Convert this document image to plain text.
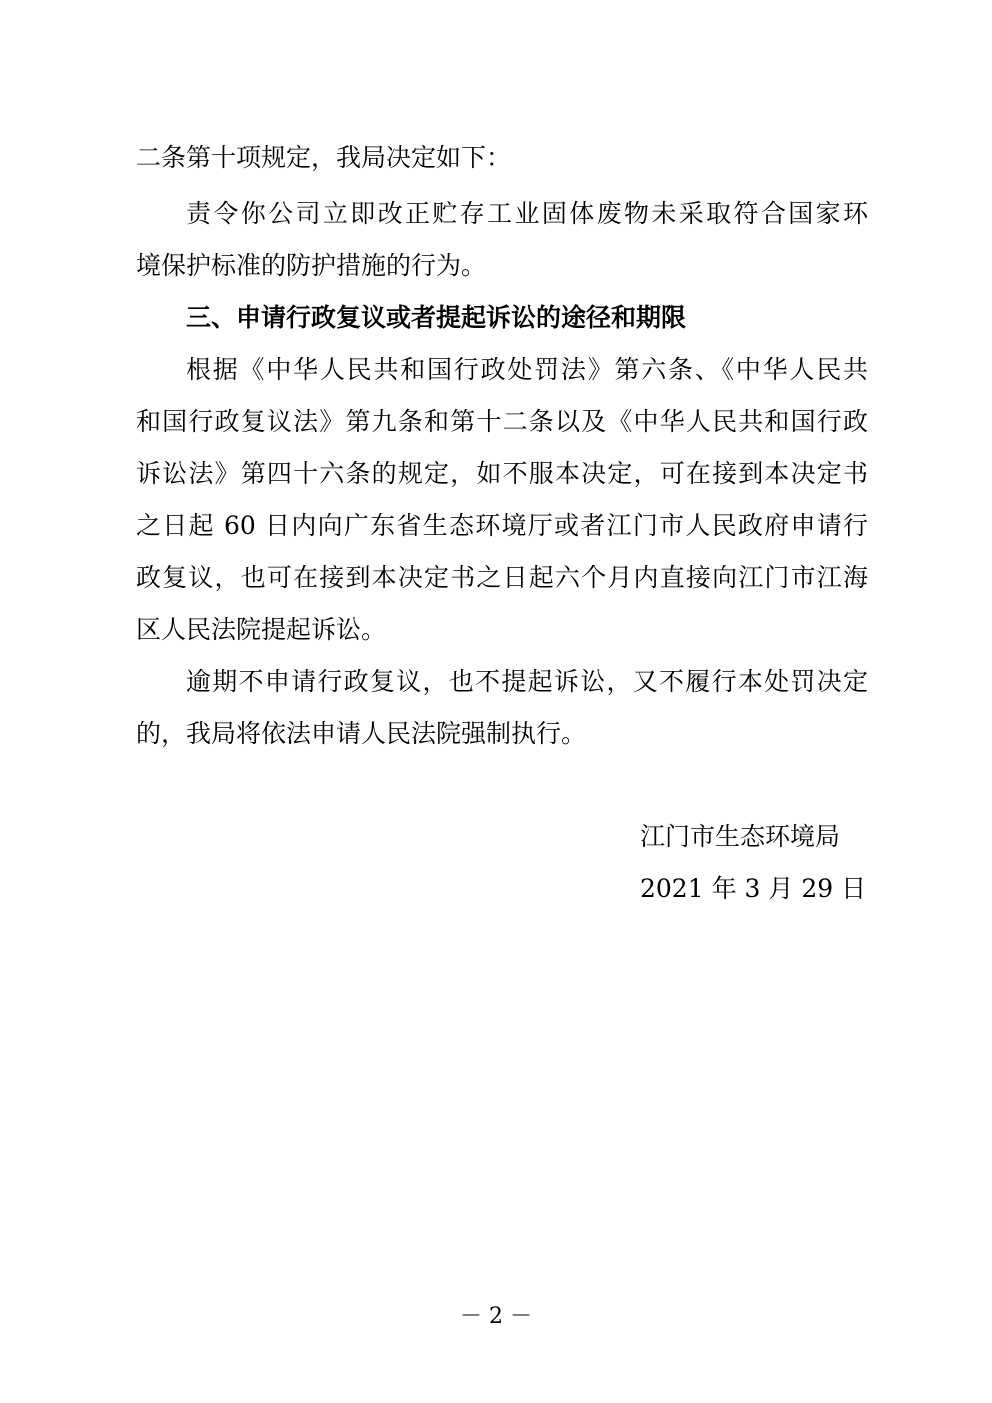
二条第十项规定，我局决定如下：
责令你公司立即改正贮存工业固体废物未采取符合国家环
境保护标准的防护措施的行为。
三、申请行政复议或者提起诉讼的途径和期限
根据《中华人民共和国行政处罚法》第六条、《中华人民共
和国行政复议法》第九条和第十二条以及《中华人民共和国行政
诉讼法》第四十六条的规定，如不服本决定，可在接到本决定书
之日起 60 日内向广东省生态环境厅或者江门市人民政府申请行
政复议，也可在接到本决定书之日起六个月内直接向江门市江海
区人民法院提起诉讼。
逾期不申请行政复议，也不提起诉讼，又不履行本处罚决定
的，我局将依法申请人民法院强制执行。
江门市生态环境局
2021 年 3 月 29 日
－ 2 －
